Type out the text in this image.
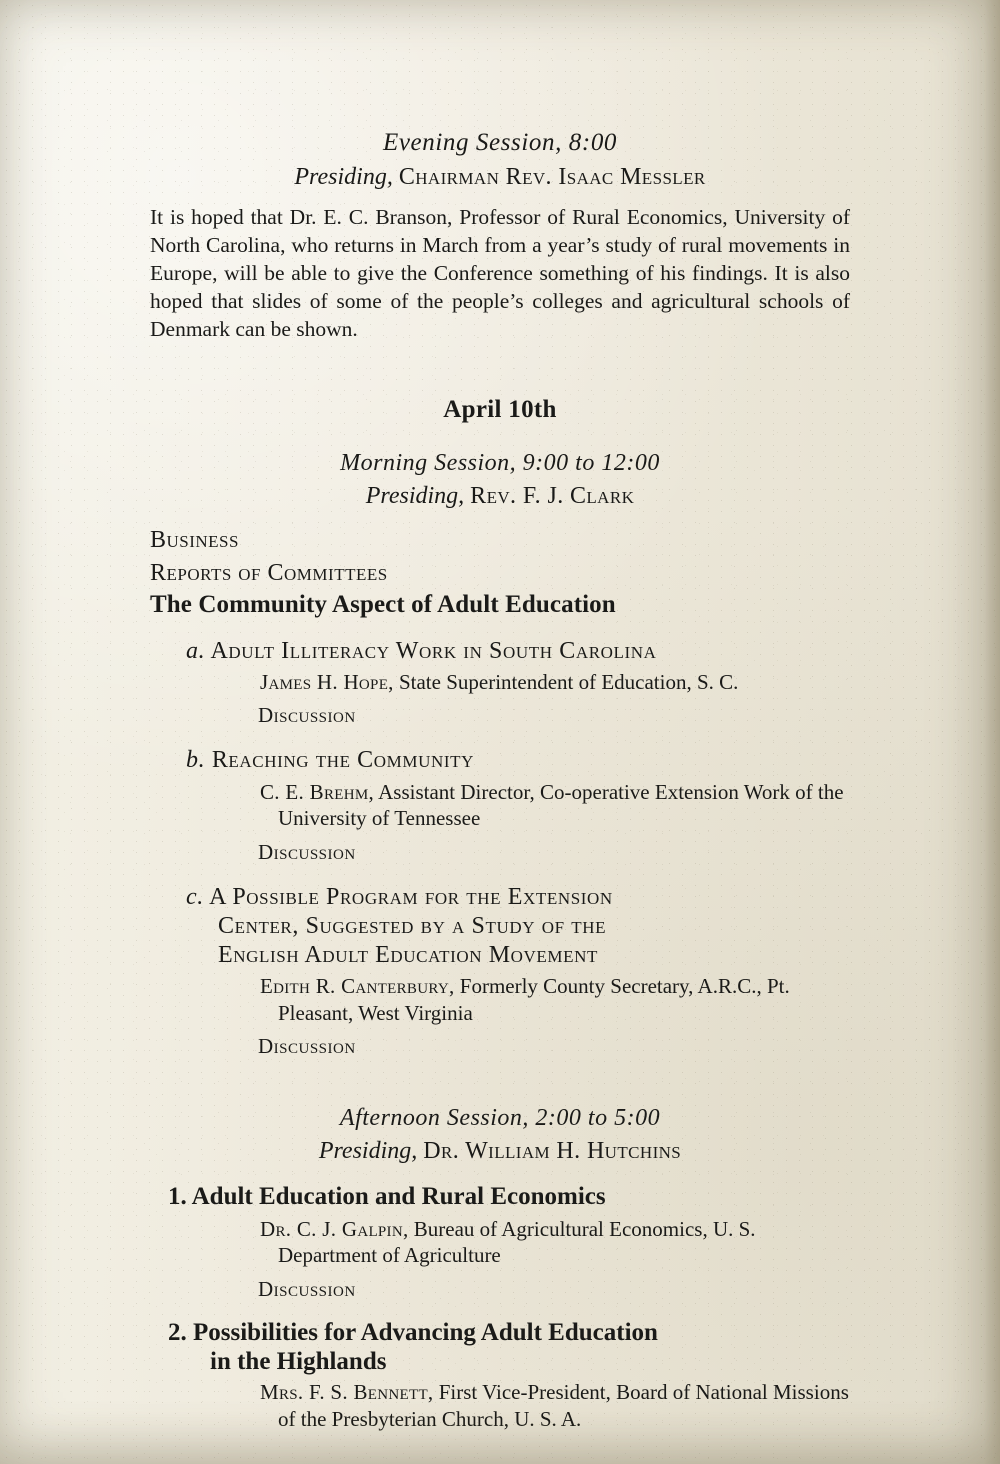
Evening Session, 8:00
Presiding, Chairman Rev. Isaac Messler

It is hoped that Dr. E. C. Branson, Professor of Rural Economics, University of North Carolina, who returns in March from a year’s study of rural movements in Europe, will be able to give the Conference something of his findings. It is also hoped that slides of some of the people’s colleges and agricultural schools of Denmark can be shown.

April 10th
Morning Session, 9:00 to 12:00
Presiding, Rev. F. J. Clark
Business
Reports of Committees
The Community Aspect of Adult Education
a. Adult Illiteracy Work in South Carolina
James H. Hope, State Superintendent of Education, S. C.
Discussion
b. Reaching the Community
C. E. Brehm, Assistant Director, Co-operative Extension Work of the University of Tennessee
Discussion
c. A Possible Program for the Extension
Center, Suggested by a Study of the
English Adult Education Movement
Edith R. Canterbury, Formerly County Secretary, A.R.C., Pt. Pleasant, West Virginia
Discussion
Afternoon Session, 2:00 to 5:00
Presiding, Dr. William H. Hutchins
1. Adult Education and Rural Economics
Dr. C. J. Galpin, Bureau of Agricultural Economics, U. S. Department of Agriculture
Discussion
2. Possibilities for Advancing Adult Education
in the Highlands
Mrs. F. S. Bennett, First Vice-President, Board of National Missions of the Presbyterian Church, U. S. A.
